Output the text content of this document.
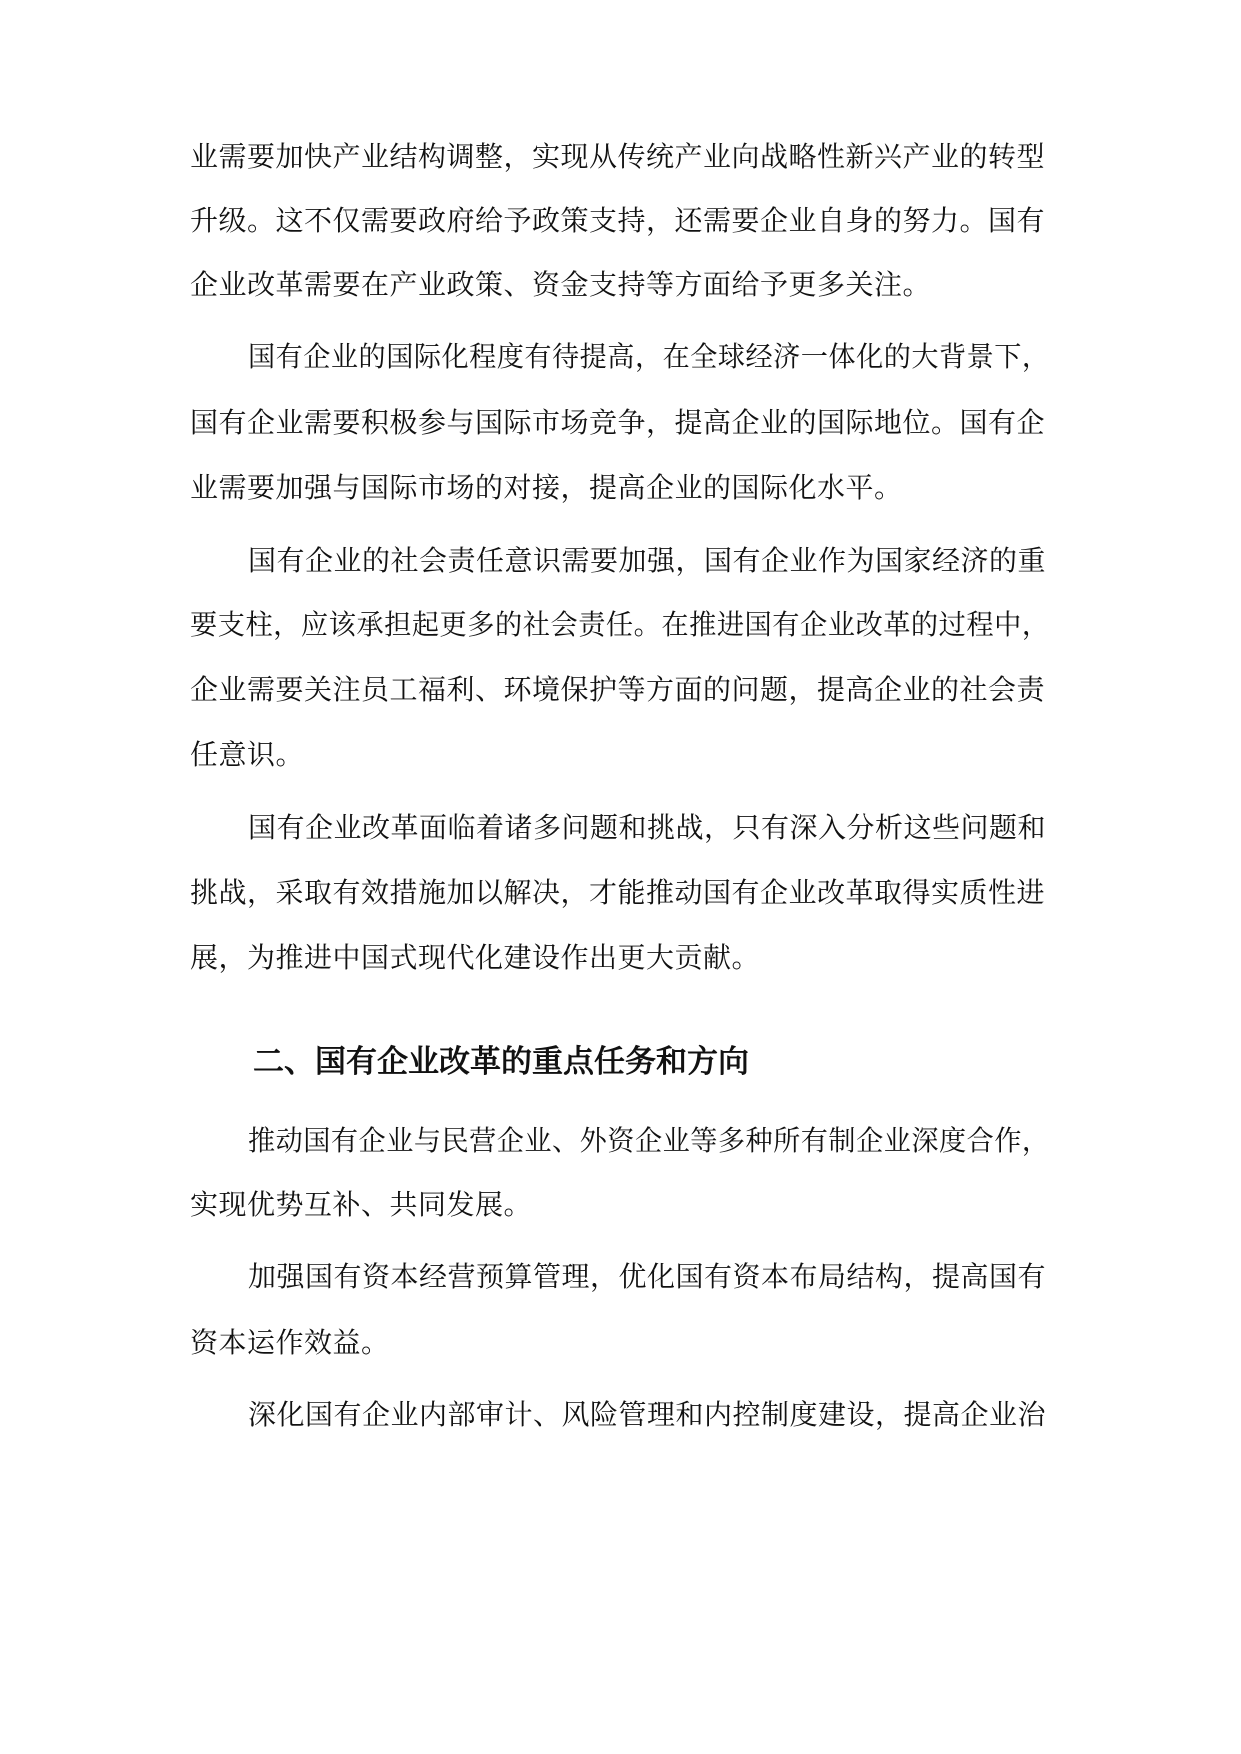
业需要加快产业结构调整，实现从传统产业向战略性新兴产业的转型
升级。这不仅需要政府给予政策支持，还需要企业自身的努力。国有
企业改革需要在产业政策、资金支持等方面给予更多关注。
国有企业的国际化程度有待提高，在全球经济一体化的大背景下，
国有企业需要积极参与国际市场竞争，提高企业的国际地位。国有企
业需要加强与国际市场的对接，提高企业的国际化水平。
国有企业的社会责任意识需要加强，国有企业作为国家经济的重
要支柱，应该承担起更多的社会责任。在推进国有企业改革的过程中，
企业需要关注员工福利、环境保护等方面的问题，提高企业的社会责
任意识。
国有企业改革面临着诸多问题和挑战，只有深入分析这些问题和
挑战，采取有效措施加以解决，才能推动国有企业改革取得实质性进
展，为推进中国式现代化建设作出更大贡献。
二、国有企业改革的重点任务和方向
推动国有企业与民营企业、外资企业等多种所有制企业深度合作，
实现优势互补、共同发展。
加强国有资本经营预算管理，优化国有资本布局结构，提高国有
资本运作效益。
深化国有企业内部审计、风险管理和内控制度建设，提高企业治
